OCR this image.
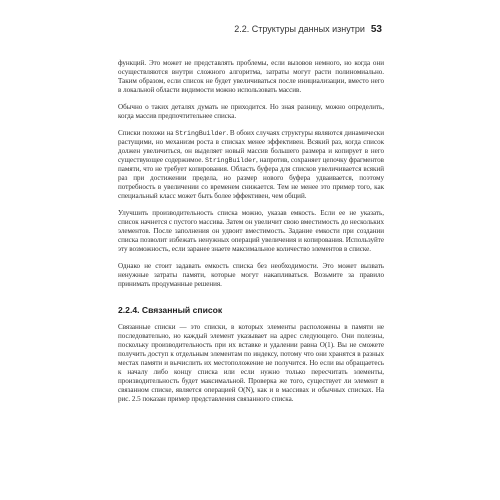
2.2. Структуры данных изнутри 53

функций. Это может не представлять проблемы, если вызовов немного, но когда они осуществляются внутри сложного алгоритма, затраты могут расти полиномиально. Таким образом, если список не будет увеличиваться после инициализации, вместо него в локальной области видимости можно использовать массив.

Обычно о таких деталях думать не приходится. Но зная разницу, можно определить, когда массив предпочтительнее списка.

Списки похожи на StringBuilder. В обоих случаях структуры являются динамически растущими, но механизм роста в списках менее эффективен. Всякий раз, когда список должен увеличиться, он выделяет новый массив большего размера и копирует в него существующее содержимое. StringBuilder, напротив, сохраняет цепочку фрагментов памяти, что не требует копирования. Область буфера для списков увеличивается всякий раз при достижении предела, но размер нового буфера удваивается, поэтому потребность в увеличении со временем снижается. Тем не менее это пример того, как специальный класс может быть более эффективен, чем общий.

Улучшить производительность списка можно, указав емкость. Если ее не указать, список начнется с пустого массива. Затем он увеличит свою вместимость до нескольких элементов. После заполнения он удвоит вместимость. Задание емкости при создании списка позволит избежать ненужных операций увеличения и копирования. Используйте эту возможность, если заранее знаете максимальное количество элементов в списке.

Однако не стоит задавать емкость списка без необходимости. Это может вызвать ненужные затраты памяти, которые могут накапливаться. Возьмите за правило принимать продуманные решения.

2.2.4. Связанный список

Связанные списки — это списки, в которых элементы расположены в памяти не последовательно, но каждый элемент указывает на адрес следующего. Они полезны, поскольку производительность при их вставке и удалении равна O(1). Вы не сможете получить доступ к отдельным элементам по индексу, потому что они хранятся в разных местах памяти и вычислить их местоположение не получится. Но если вы обращаетесь к началу либо концу списка или если нужно только пересчитать элементы, производительность будет максимальной. Проверка же того, существует ли элемент в связанном списке, является операцией O(N), как и в массивах и обычных списках. На рис. 2.5 показан пример представления связанного списка.
